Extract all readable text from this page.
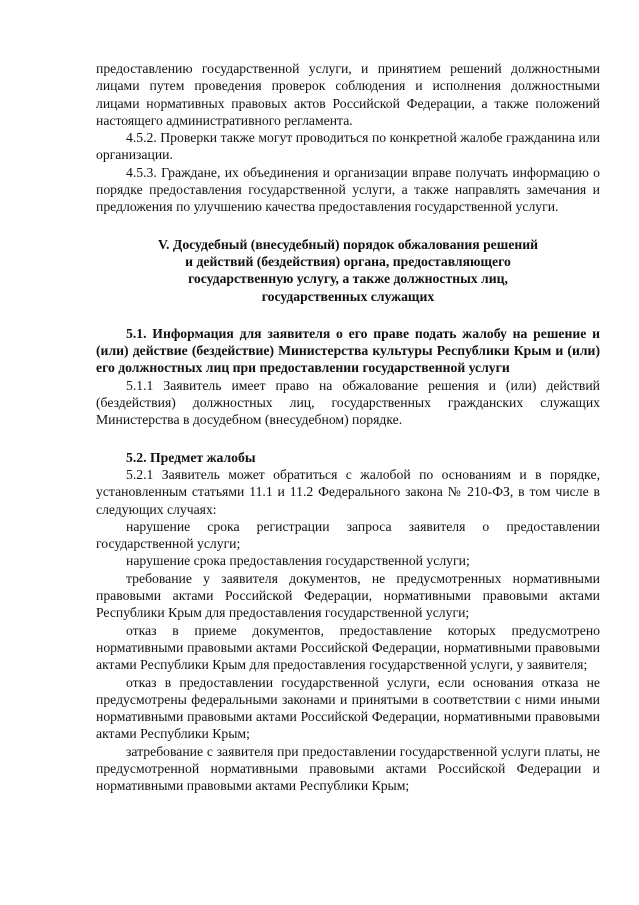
предоставлению государственной услуги, и принятием решений должностными лицами путем проведения проверок соблюдения и исполнения должностными лицами нормативных правовых актов Российской Федерации, а также положений настоящего административного регламента.

4.5.2. Проверки также могут проводиться по конкретной жалобе гражданина или организации.

4.5.3. Граждане, их объединения и организации вправе получать информацию о порядке предоставления государственной услуги, а также направлять замечания и предложения по улучшению качества предоставления государственной услуги.

V. Досудебный (внесудебный) порядок обжалования решений

и действий (бездействия) органа, предоставляющего

государственную услугу, а также должностных лиц,

государственных служащих

5.1. Информация для заявителя о его праве подать жалобу на решение и (или) действие (бездействие) Министерства культуры Республики Крым и (или) его должностных лиц при предоставлении государственной услуги

5.1.1 Заявитель имеет право на обжалование решения и (или) действий (бездействия) должностных лиц, государственных гражданских служащих Министерства в досудебном (внесудебном) порядке.

5.2. Предмет жалобы

5.2.1 Заявитель может обратиться с жалобой по основаниям и в порядке, установленным статьями 11.1 и 11.2 Федерального закона № 210-ФЗ, в том числе в следующих случаях:

нарушение срока регистрации запроса заявителя о предоставлении государственной услуги;

нарушение срока предоставления государственной услуги;

требование у заявителя документов, не предусмотренных нормативными правовыми актами Российской Федерации, нормативными правовыми актами Республики Крым для предоставления государственной услуги;

отказ в приеме документов, предоставление которых предусмотрено нормативными правовыми актами Российской Федерации, нормативными правовыми актами Республики Крым для предоставления государственной услуги, у заявителя;

отказ в предоставлении государственной услуги, если основания отказа не предусмотрены федеральными законами и принятыми в соответствии с ними иными нормативными правовыми актами Российской Федерации, нормативными правовыми актами Республики Крым;

затребование с заявителя при предоставлении государственной услуги платы, не предусмотренной нормативными правовыми актами Российской Федерации и нормативными правовыми актами Республики Крым;
